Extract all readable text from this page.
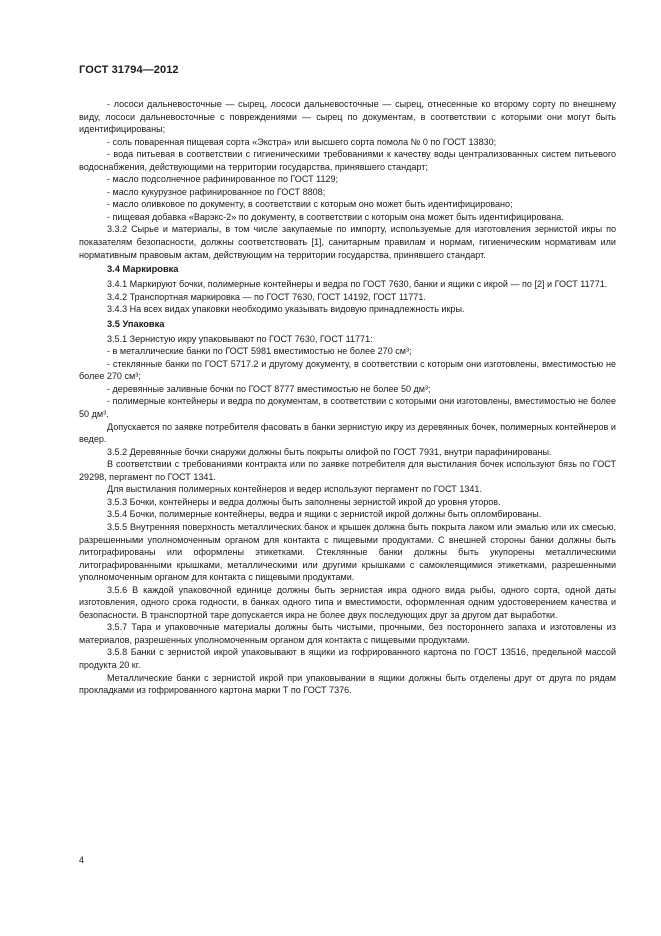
ГОСТ 31794—2012

- лососи дальневосточные — сырец, лососи дальневосточные — сырец, отнесенные ко второму сорту по внешнему виду, лососи дальневосточные с повреждениями — сырец по документам, в соответствии с которыми они могут быть идентифицированы;

- соль поваренная пищевая сорта «Экстра» или высшего сорта помола № 0 по ГОСТ 13830;

- вода питьевая в соответствии с гигиеническими требованиями к качеству воды централизованных систем питьевого водоснабжения, действующими на территории государства, принявшего стандарт;

- масло подсолнечное рафинированное по ГОСТ 1129;

- масло кукурузное рафинированное по ГОСТ 8808;

- масло оливковое по документу, в соответствии с которым оно может быть идентифицировано;

- пищевая добавка «Варэкс-2» по документу, в соответствии с которым она может быть идентифицирована.

3.3.2 Сырье и материалы, в том числе закупаемые по импорту, используемые для изготовления зернистой икры по показателям безопасности, должны соответствовать [1], санитарным правилам и нормам, гигиеническим нормативам или нормативным правовым актам, действующим на территории государства, принявшего стандарт.

3.4 Маркировка

3.4.1 Маркируют бочки, полимерные контейнеры и ведра по ГОСТ 7630, банки и ящики с икрой — по [2] и ГОСТ 11771.

3.4.2 Транспортная маркировка — по ГОСТ 7630, ГОСТ 14192, ГОСТ 11771.

3.4.3 На всех видах упаковки необходимо указывать видовую принадлежность икры.

3.5 Упаковка

3.5.1 Зернистую икру упаковывают по ГОСТ 7630, ГОСТ 11771:

- в металлические банки по ГОСТ 5981 вместимостью не более 270 см³;

- стеклянные банки по ГОСТ 5717.2 и другому документу, в соответствии с которым они изготовлены, вместимостью не более 270 см³;

- деревянные заливные бочки по ГОСТ 8777 вместимостью не более 50 дм³;

- полимерные контейнеры и ведра по документам, в соответствии с которыми они изготовлены, вместимостью не более 50 дм³.

Допускается по заявке потребителя фасовать в банки зернистую икру из деревянных бочек, полимерных контейнеров и ведер.

3.5.2 Деревянные бочки снаружи должны быть покрыты олифой по ГОСТ 7931, внутри парафинированы.

В соответствии с требованиями контракта или по заявке потребителя для выстилания бочек используют бязь по ГОСТ 29298, пергамент по ГОСТ 1341.

Для выстилания полимерных контейнеров и ведер используют пергамент по ГОСТ 1341.

3.5.3 Бочки, контейнеры и ведра должны быть заполнены зернистой икрой до уровня уторов.

3.5.4 Бочки, полимерные контейнеры, ведра и ящики с зернистой икрой должны быть опломбированы.

3.5.5 Внутренняя поверхность металлических банок и крышек должна быть покрыта лаком или эмалью или их смесью, разрешенными уполномоченным органом для контакта с пищевыми продуктами. С внешней стороны банки должны быть литографированы или оформлены этикетками. Стеклянные банки должны быть укупорены металлическими литографированными крышками, металлическими или другими крышками с самоклеящимися этикетками, разрешенными уполномоченным органом для контакта с пищевыми продуктами.

3.5.6 В каждой упаковочной единице должны быть зернистая икра одного вида рыбы, одного сорта, одной даты изготовления, одного срока годности, в банках одного типа и вместимости, оформленная одним удостоверением качества и безопасности. В транспортной таре допускается икра не более двух последующих друг за другом дат выработки.

3.5.7 Тара и упаковочные материалы должны быть чистыми, прочными, без постороннего запаха и изготовлены из материалов, разрешенных уполномоченным органом для контакта с пищевыми продуктами.

3.5.8 Банки с зернистой икрой упаковывают в ящики из гофрированного картона по ГОСТ 13516, предельной массой продукта 20 кг.

Металлические банки с зернистой икрой при упаковывании в ящики должны быть отделены друг от друга по рядам прокладками из гофрированного картона марки Т по ГОСТ 7376.

4
